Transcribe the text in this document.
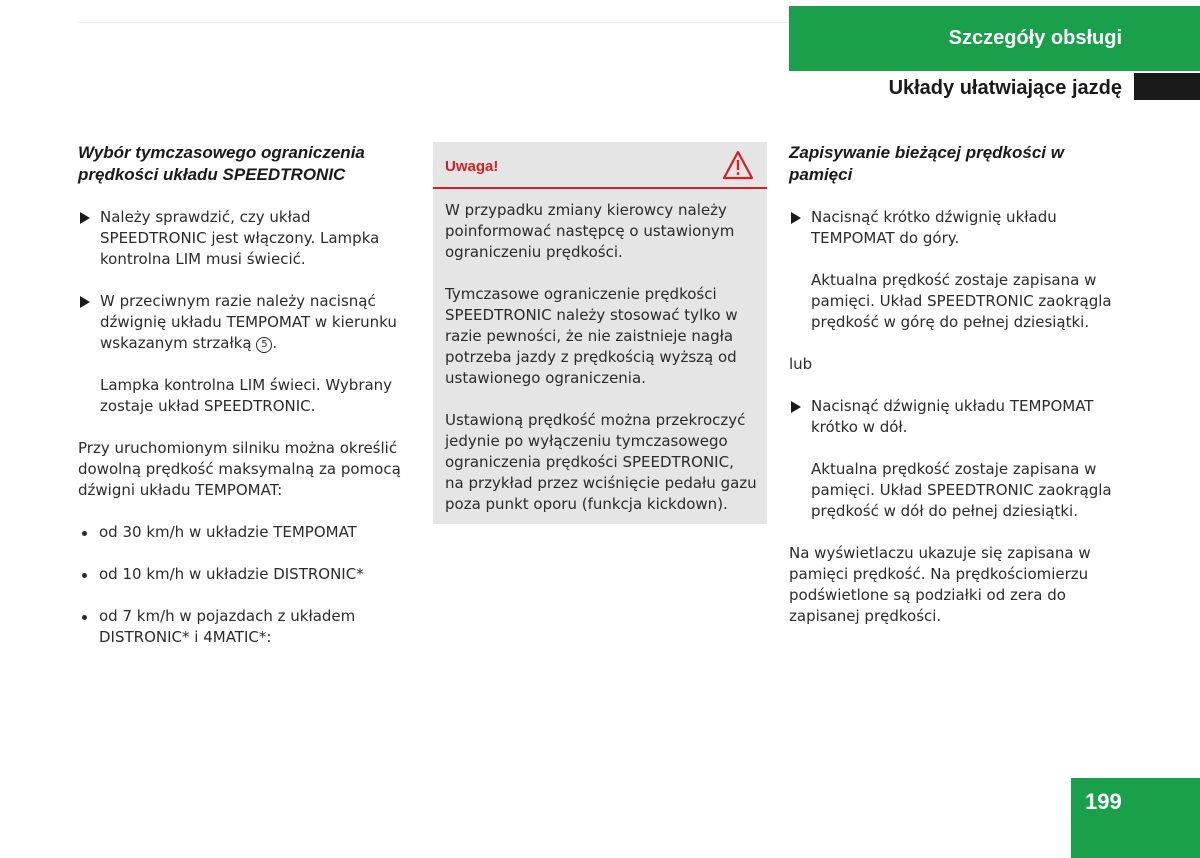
Szczegóły obsługi
Układy ułatwiające jazdę
Wybór tymczasowego ograniczenia prędkości układu SPEEDTRONIC
Należy sprawdzić, czy układ SPEEDTRONIC jest włączony. Lampka kontrolna LIM musi świecić.
W przeciwnym razie należy nacisnąć dźwignię układu TEMPOMAT w kierunku wskazanym strzałką 5 .
Lampka kontrolna LIM świeci. Wybrany zostaje układ SPEEDTRONIC.
Przy uruchomionym silniku można określić dowolną prędkość maksymalną za pomocą dźwigni układu TEMPOMAT:
od 30 km/h w układzie TEMPOMAT
od 10 km/h w układzie DISTRONIC*
od 7 km/h w pojazdach z układem DISTRONIC* i 4MATIC*:
Uwaga!

W przypadku zmiany kierowcy należy poinformować następcę o ustawionym ograniczeniu prędkości.

Tymczasowe ograniczenie prędkości SPEEDTRONIC należy stosować tylko w razie pewności, że nie zaistnieje nagła potrzeba jazdy z prędkością wyższą od ustawionego ograniczenia.

Ustawioną prędkość można przekroczyć jedynie po wyłączeniu tymczasowego ograniczenia prędkości SPEEDTRONIC, na przykład przez wciśnięcie pedału gazu poza punkt oporu (funkcja kickdown).

Zapisywanie bieżącej prędkości w pamięci
Nacisnąć krótko dźwignię układu TEMPOMAT do góry.
Aktualna prędkość zostaje zapisana w pamięci. Układ SPEEDTRONIC zaokrągla prędkość w górę do pełnej dziesiątki.
lub
Nacisnąć dźwignię układu TEMPOMAT krótko w dół.
Aktualna prędkość zostaje zapisana w pamięci. Układ SPEEDTRONIC zaokrągla prędkość w dół do pełnej dziesiątki.
Na wyświetlaczu ukazuje się zapisana w pamięci prędkość. Na prędkościomierzu podświetlone są podziałki od zera do zapisanej prędkości.
199
